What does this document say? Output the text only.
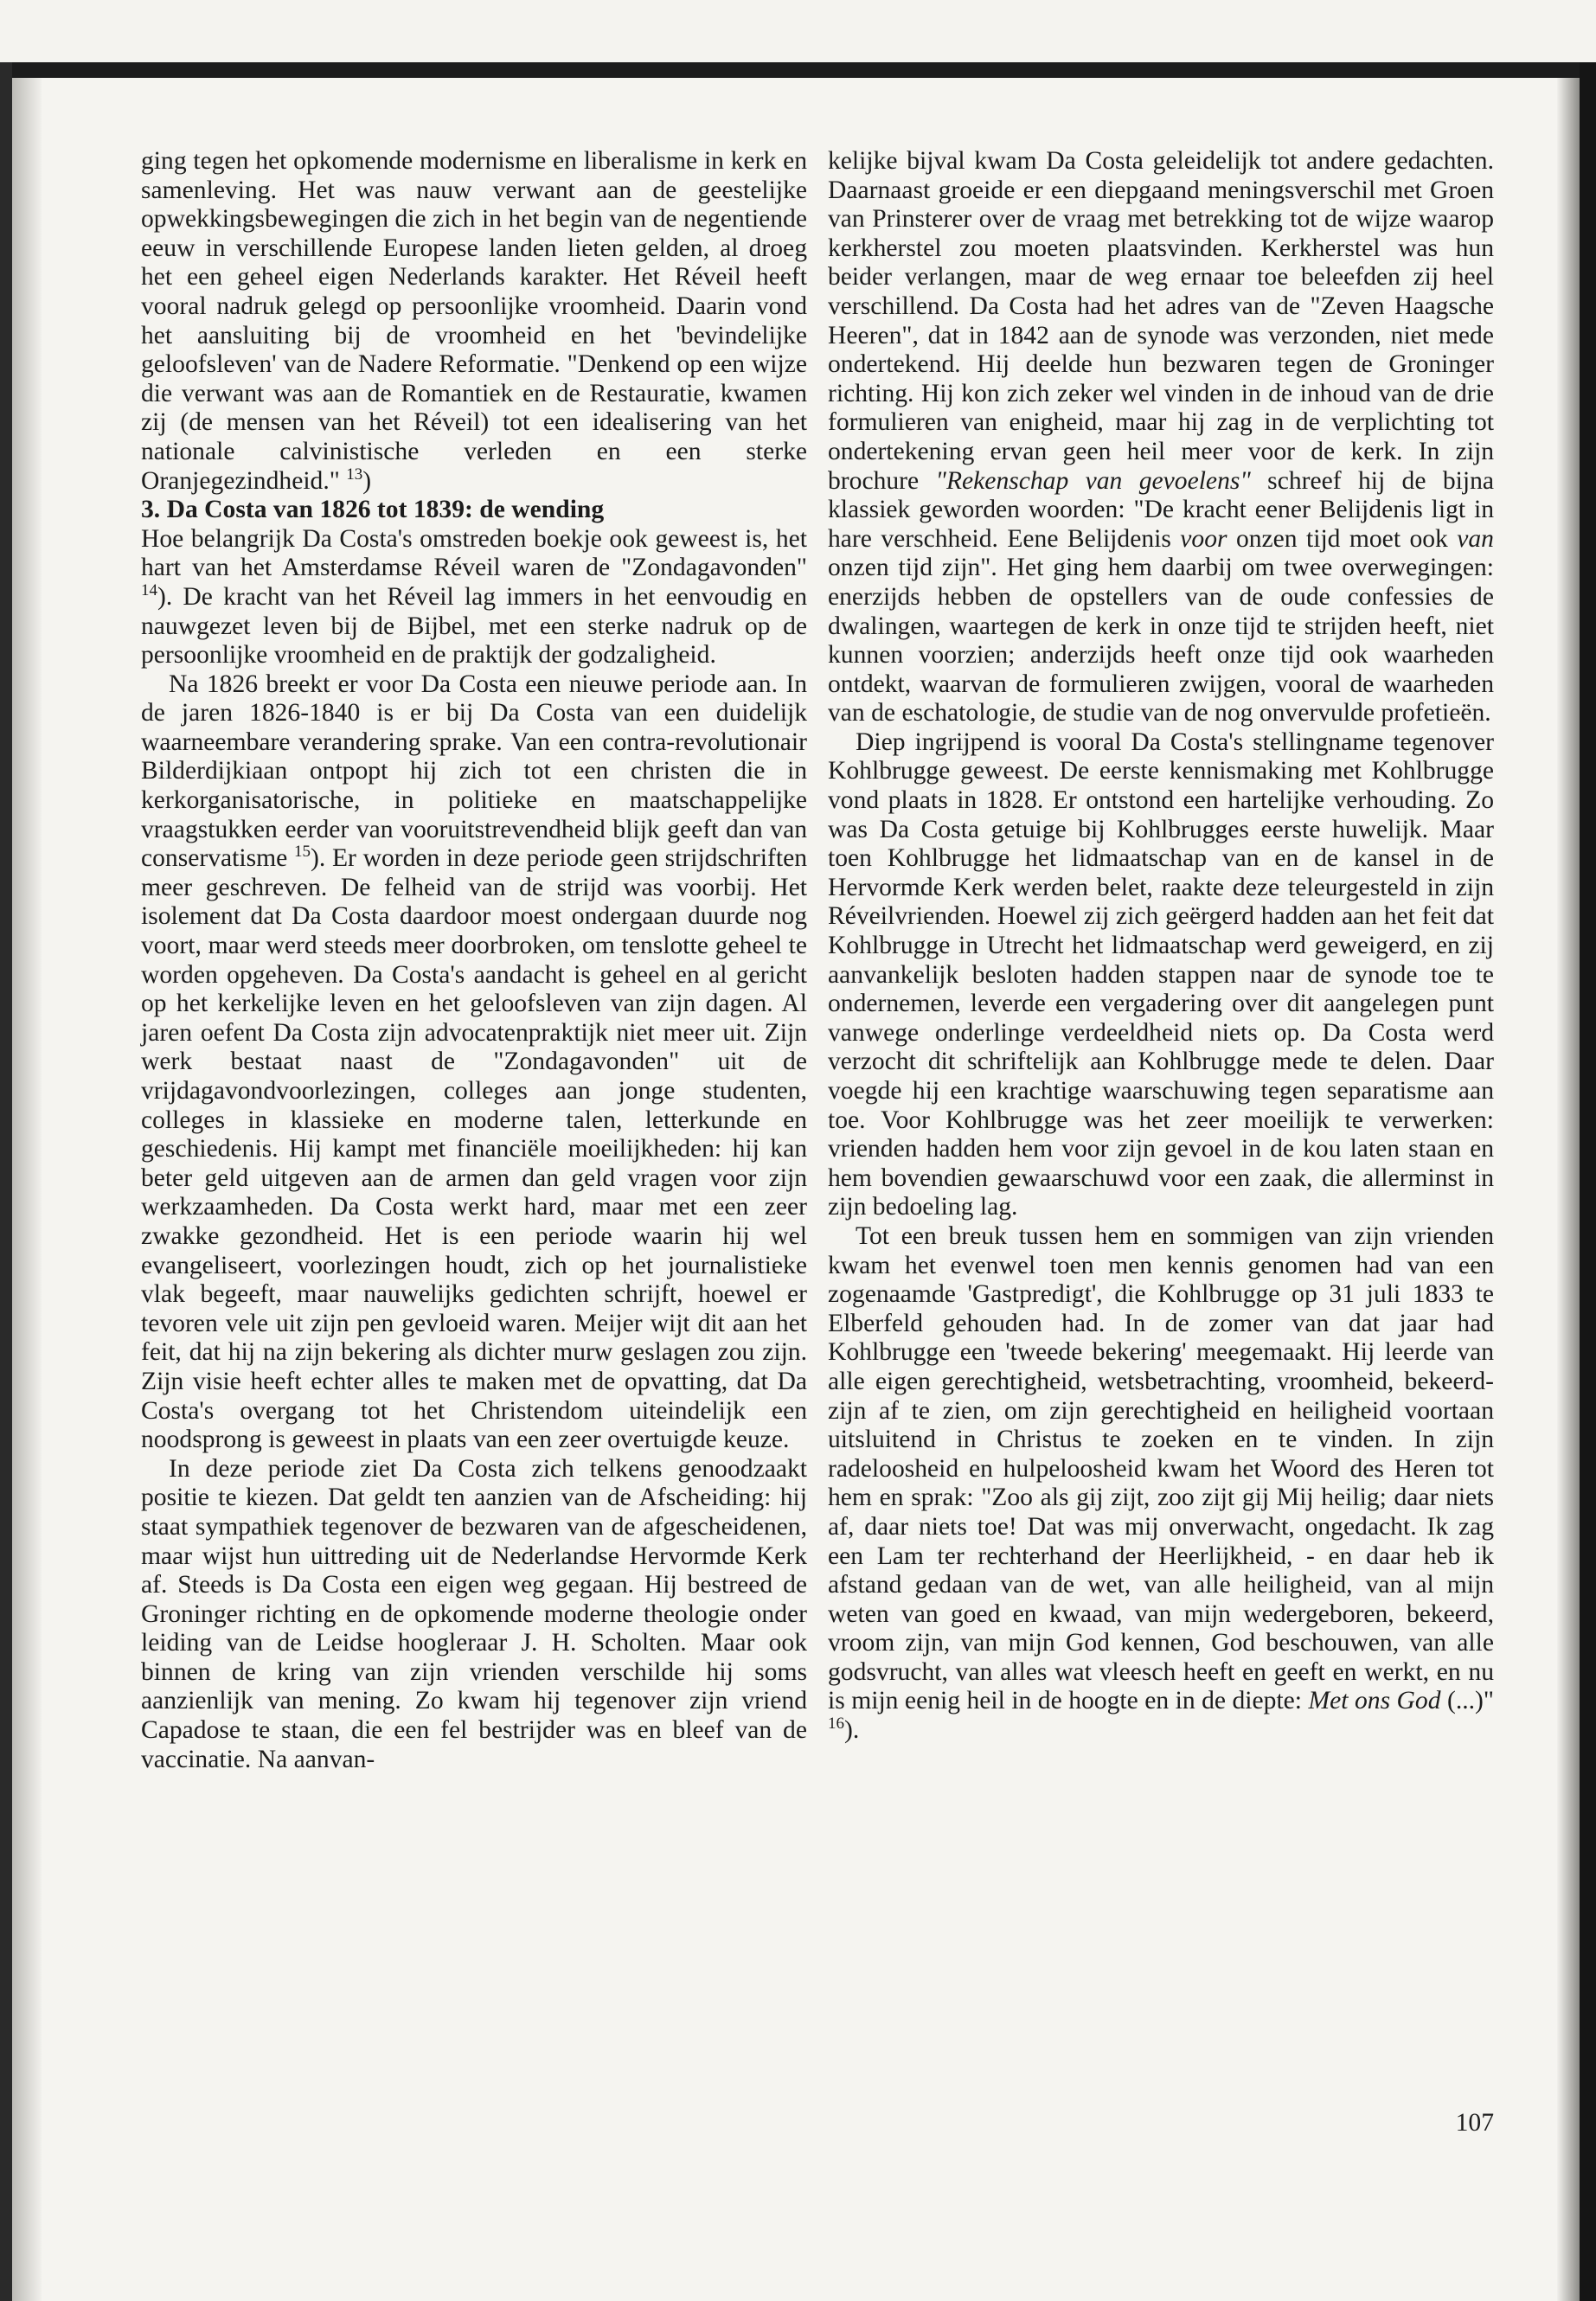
ging tegen het opkomende modernisme en liberalisme in kerk en samenleving. Het was nauw verwant aan de geestelijke opwekkingsbewegingen die zich in het begin van de negentiende eeuw in verschillende Europese landen lieten gelden, al droeg het een geheel eigen Nederlands karakter. Het Réveil heeft vooral nadruk gelegd op persoonlijke vroomheid. Daarin vond het aansluiting bij de vroomheid en het 'bevindelijke geloofsleven' van de Nadere Reformatie. "Denkend op een wijze die verwant was aan de Romantiek en de Restauratie, kwamen zij (de mensen van het Réveil) tot een idealisering van het nationale calvinistische verleden en een sterke Oranjegezindheid." $^{13}$)

3. Da Costa van 1826 tot 1839: de wending

Hoe belangrijk Da Costa's omstreden boekje ook geweest is, het hart van het Amsterdamse Réveil waren de "Zondagavonden" $^{14}$). De kracht van het Réveil lag immers in het eenvoudig en nauwgezet leven bij de Bijbel, met een sterke nadruk op de persoonlijke vroomheid en de praktijk der godzaligheid.

Na 1826 breekt er voor Da Costa een nieuwe periode aan. In de jaren 1826-1840 is er bij Da Costa van een duidelijk waarneembare verandering sprake. Van een contra-revolutionair Bilderdijkiaan ontpopt hij zich tot een christen die in kerkorganisatorische, in politieke en maatschappelijke vraagstukken eerder van vooruitstrevendheid blijk geeft dan van conservatisme $^{15}$). Er worden in deze periode geen strijdschriften meer geschreven. De felheid van de strijd was voorbij. Het isolement dat Da Costa daardoor moest ondergaan duurde nog voort, maar werd steeds meer doorbroken, om tenslotte geheel te worden opgeheven. Da Costa's aandacht is geheel en al gericht op het kerkelijke leven en het geloofsleven van zijn dagen. Al jaren oefent Da Costa zijn advocatenpraktijk niet meer uit. Zijn werk bestaat naast de "Zondagavonden" uit de vrijdagavondvoorlezingen, colleges aan jonge studenten, colleges in klassieke en moderne talen, letterkunde en geschiedenis. Hij kampt met financiële moeilijkheden: hij kan beter geld uitgeven aan de armen dan geld vragen voor zijn werkzaamheden. Da Costa werkt hard, maar met een zeer zwakke gezondheid. Het is een periode waarin hij wel evangeliseert, voorlezingen houdt, zich op het journalistieke vlak begeeft, maar nauwelijks gedichten schrijft, hoewel er tevoren vele uit zijn pen gevloeid waren. Meijer wijt dit aan het feit, dat hij na zijn bekering als dichter murw geslagen zou zijn. Zijn visie heeft echter alles te maken met de opvatting, dat Da Costa's overgang tot het Christendom uiteindelijk een noodsprong is geweest in plaats van een zeer overtuigde keuze.

In deze periode ziet Da Costa zich telkens genoodzaakt positie te kiezen. Dat geldt ten aanzien van de Afscheiding: hij staat sympathiek tegenover de bezwaren van de afgescheidenen, maar wijst hun uittreding uit de Nederlandse Hervormde Kerk af. Steeds is Da Costa een eigen weg gegaan. Hij bestreed de Groninger richting en de opkomende moderne theologie onder leiding van de Leidse hoogleraar J. H. Scholten. Maar ook binnen de kring van zijn vrienden verschilde hij soms aanzienlijk van mening. Zo kwam hij tegenover zijn vriend Capadose te staan, die een fel bestrijder was en bleef van de vaccinatie. Na aanvan-

kelijke bijval kwam Da Costa geleidelijk tot andere gedachten. Daarnaast groeide er een diepgaand meningsverschil met Groen van Prinsterer over de vraag met betrekking tot de wijze waarop kerkherstel zou moeten plaatsvinden. Kerkherstel was hun beider verlangen, maar de weg ernaar toe beleefden zij heel verschillend. Da Costa had het adres van de "Zeven Haagsche Heeren", dat in 1842 aan de synode was verzonden, niet mede ondertekend. Hij deelde hun bezwaren tegen de Groninger richting. Hij kon zich zeker wel vinden in de inhoud van de drie formulieren van enigheid, maar hij zag in de verplichting tot ondertekening ervan geen heil meer voor de kerk. In zijn brochure "Rekenschap van gevoelens" schreef hij de bijna klassiek geworden woorden: "De kracht eener Belijdenis ligt in hare verschheid. Eene Belijdenis voor onzen tijd moet ook van onzen tijd zijn". Het ging hem daarbij om twee overwegingen: enerzijds hebben de opstellers van de oude confessies de dwalingen, waartegen de kerk in onze tijd te strijden heeft, niet kunnen voorzien; anderzijds heeft onze tijd ook waarheden ontdekt, waarvan de formulieren zwijgen, vooral de waarheden van de eschatologie, de studie van de nog onvervulde profetieën.

Diep ingrijpend is vooral Da Costa's stellingname tegenover Kohlbrugge geweest. De eerste kennismaking met Kohlbrugge vond plaats in 1828. Er ontstond een hartelijke verhouding. Zo was Da Costa getuige bij Kohlbrugges eerste huwelijk. Maar toen Kohlbrugge het lidmaatschap van en de kansel in de Hervormde Kerk werden belet, raakte deze teleurgesteld in zijn Réveilvrienden. Hoewel zij zich geërgerd hadden aan het feit dat Kohlbrugge in Utrecht het lidmaatschap werd geweigerd, en zij aanvankelijk besloten hadden stappen naar de synode toe te ondernemen, leverde een vergadering over dit aangelegen punt vanwege onderlinge verdeeldheid niets op. Da Costa werd verzocht dit schriftelijk aan Kohlbrugge mede te delen. Daar voegde hij een krachtige waarschuwing tegen separatisme aan toe. Voor Kohlbrugge was het zeer moeilijk te verwerken: vrienden hadden hem voor zijn gevoel in de kou laten staan en hem bovendien gewaarschuwd voor een zaak, die allerminst in zijn bedoeling lag.

Tot een breuk tussen hem en sommigen van zijn vrienden kwam het evenwel toen men kennis genomen had van een zogenaamde 'Gastpredigt', die Kohlbrugge op 31 juli 1833 te Elberfeld gehouden had. In de zomer van dat jaar had Kohlbrugge een 'tweede bekering' meegemaakt. Hij leerde van alle eigen gerechtigheid, wetsbetrachting, vroomheid, bekeerd-zijn af te zien, om zijn gerechtigheid en heiligheid voortaan uitsluitend in Christus te zoeken en te vinden. In zijn radeloosheid en hulpeloosheid kwam het Woord des Heren tot hem en sprak: "Zoo als gij zijt, zoo zijt gij Mij heilig; daar niets af, daar niets toe! Dat was mij onverwacht, ongedacht. Ik zag een Lam ter rechterhand der Heerlijkheid, - en daar heb ik afstand gedaan van de wet, van alle heiligheid, van al mijn weten van goed en kwaad, van mijn wedergeboren, bekeerd, vroom zijn, van mijn God kennen, God beschouwen, van alle godsvrucht, van alles wat vleesch heeft en geeft en werkt, en nu is mijn eenig heil in de hoogte en in de diepte: Met ons God (...)" $^{16}$).

107
